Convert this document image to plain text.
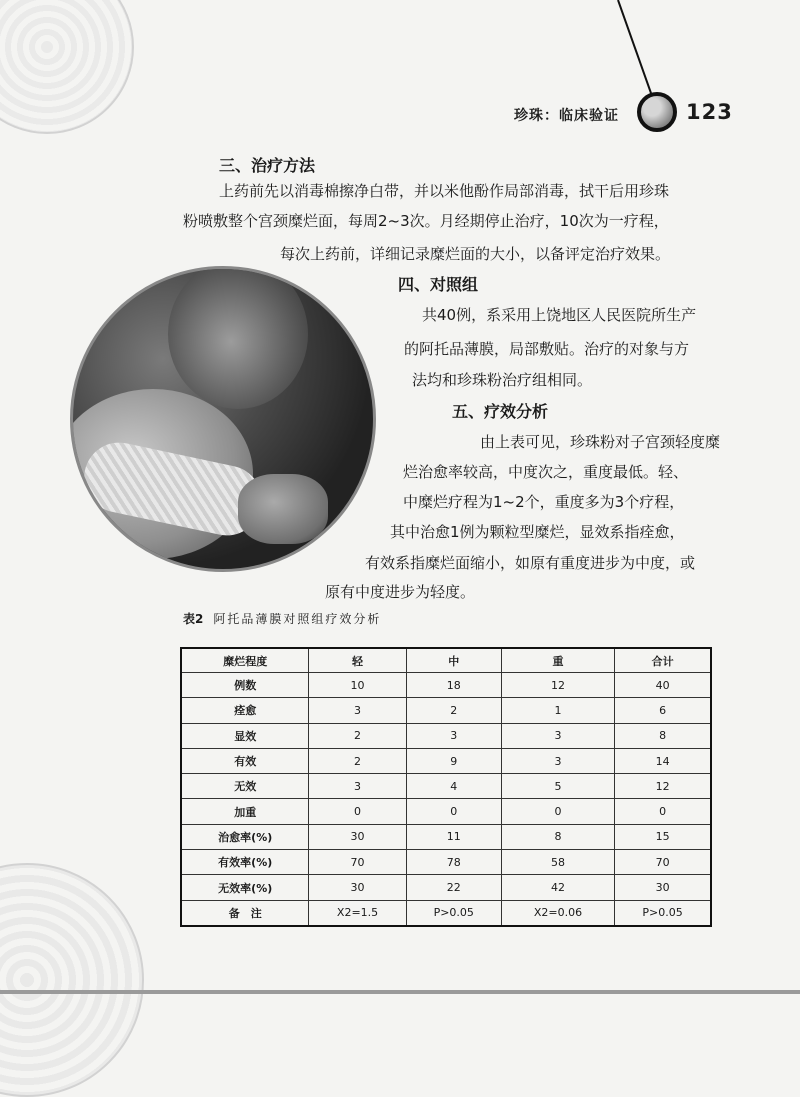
珍珠：临床验证	123
三、治疗方法
上药前先以消毒棉擦净白带，并以米他酚作局部消毒，拭干后用珍珠
粉喷敷整个宫颈糜烂面，每周2~3次。月经期停止治疗，10次为一疗程，
每次上药前，详细记录糜烂面的大小，以备评定治疗效果。
四、对照组
共40例，系采用上饶地区人民医院所生产
的阿托品薄膜，局部敷贴。治疗的对象与方
法均和珍珠粉治疗组相同。
五、疗效分析
由上表可见，珍珠粉对子宫颈轻度糜
烂治愈率较高，中度次之，重度最低。轻、
中糜烂疗程为1~2个，重度多为3个疗程，
其中治愈1例为颗粒型糜烂，显效系指痊愈，
有效系指糜烂面缩小，如原有重度进步为中度，或
原有中度进步为轻度。
表2 阿托品薄膜对照组疗效分析
糜烂程度	轻	中	重	合计
例数	10	18	12	40
痊愈	3	2	1	6
显效	2	3	3	8
有效	2	9	3	14
无效	3	4	5	12
加重	0	0	0	0
治愈率(%)	30	11	8	15
有效率(%)	70	78	58	70
无效率(%)	30	22	42	30
备　注	X2=1.5	P>0.05	X2=0.06	P>0.05
